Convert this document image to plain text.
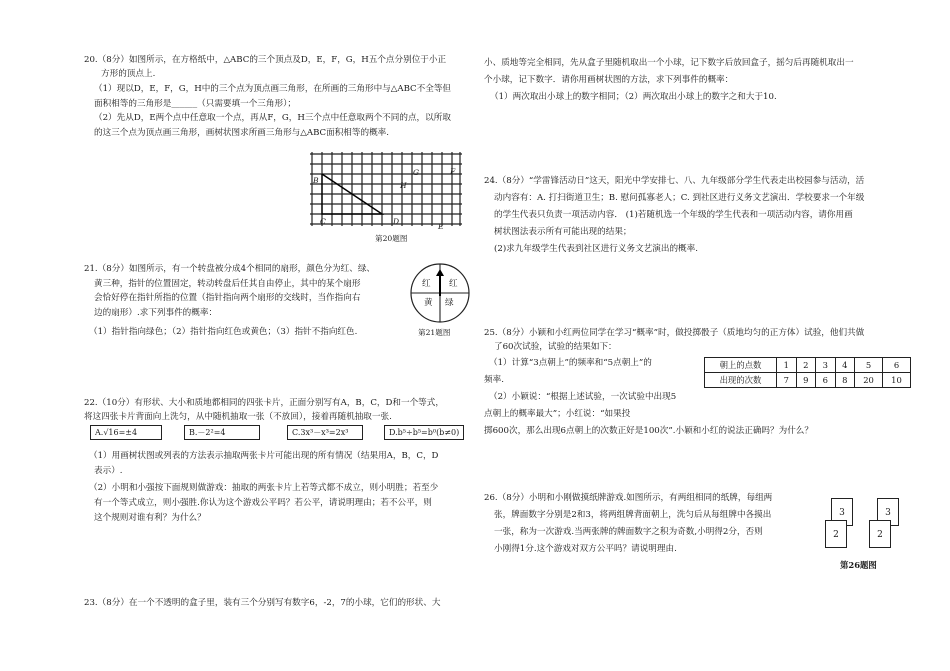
20.（8分）如图所示，在方格纸中，△ABC的三个顶点及D，E，F，G，H五个点分别位于小正
方形的顶点上.
（1）现以D，E，F，G，H中的三个点为顶点画三角形，在所画的三角形中与△ABC不全等但
面积相等的三角形是______（只需要填一个三角形）；
（2）先从D，E两个点中任意取一个点，再从F，G，H三个点中任意取两个不同的点，以所取
的这三个点为顶点画三角形，画树状图求所画三角形与△ABC面积相等的概率.
B
H
G	F
C	D
E
第20题图
21.（8分）如图所示，有一个转盘被分成4个相同的扇形，颜色分为红、绿、
黄三种，指针的位置固定，转动转盘后任其自由停止，其中的某个扇形
会恰好停在指针所指的位置（指针指向两个扇形的交线时，当作指向右
边的扇形）.求下列事件的概率：
（1）指针指向绿色；（2）指针指向红色或黄色；（3）指针不指向红色.
红 红
黄 绿
第21题图
22.（10分）有形状、大小和质地都相同的四张卡片，正面分别写有A，B，C，D和一个等式，
将这四张卡片背面向上洗匀，从中随机抽取一张（不放回），接着再随机抽取一张.
A.√16=±4	B.－2²=4	C.3x³－x³=2x³	D.b⁵÷b⁵=b⁰(b≠0)
（1）用画树状图或列表的方法表示抽取两张卡片可能出现的所有情况（结果用A，B，C，D
表示）.
（2）小明和小强按下面规则做游戏：抽取的两张卡片上若等式都不成立，则小明胜；若至少
有一个等式成立，则小强胜.你认为这个游戏公平吗？若公平，请说明理由；若不公平，则
这个规则对谁有利？为什么？
23.（8分）在一个不透明的盒子里，装有三个分别写有数字6，-2，7的小球，它们的形状、大
小、质地等完全相同，先从盒子里随机取出一个小球，记下数字后放回盒子，摇匀后再随机取出一
个小球，记下数字．请你用画树状图的方法，求下列事件的概率：
（1）两次取出小球上的数字相同；（2）两次取出小球上的数字之和大于10.
24.（8分）“学雷锋活动日”这天，阳光中学安排七、八、九年级部分学生代表走出校园参与活动，活
动内容有：A. 打扫街道卫生；B. 慰问孤寡老人；C. 到社区进行义务文艺演出．学校要求一个年级
的学生代表只负责一项活动内容． (1)若随机选一个年级的学生代表和一项活动内容，请你用画
树状图法表示所有可能出现的结果；
(2)求九年级学生代表到社区进行义务文艺演出的概率.
25.（8分）小颖和小红两位同学在学习“概率”时，做投掷骰子（质地均匀的正方体）试验，他们共做
了60次试验，试验的结果如下：
（1）计算“3点朝上”的频率和“5点朝上”的
频率.
（2）小颖说：“根据上述试验，一次试验中出现5
点朝上的概率最大”；小红说：“如果投
掷600次，那么出现6点朝上的次数正好是100次”.小颖和小红的说法正确吗？为什么？
朝上的点数	1	2	3	4	5	6
出现的次数	7	9	6	8	20	10
26.（8分）小明和小刚做摸纸牌游戏.如图所示，有两组相同的纸牌，每组两
张，牌面数字分别是2和3，将两组牌背面朝上，洗匀后从每组牌中各摸出
一张，称为一次游戏.当两张牌的牌面数字之积为奇数,小明得2分，否则
小刚得1分.这个游戏对双方公平吗？请说明理由.
3
2
3
2
第26题图
